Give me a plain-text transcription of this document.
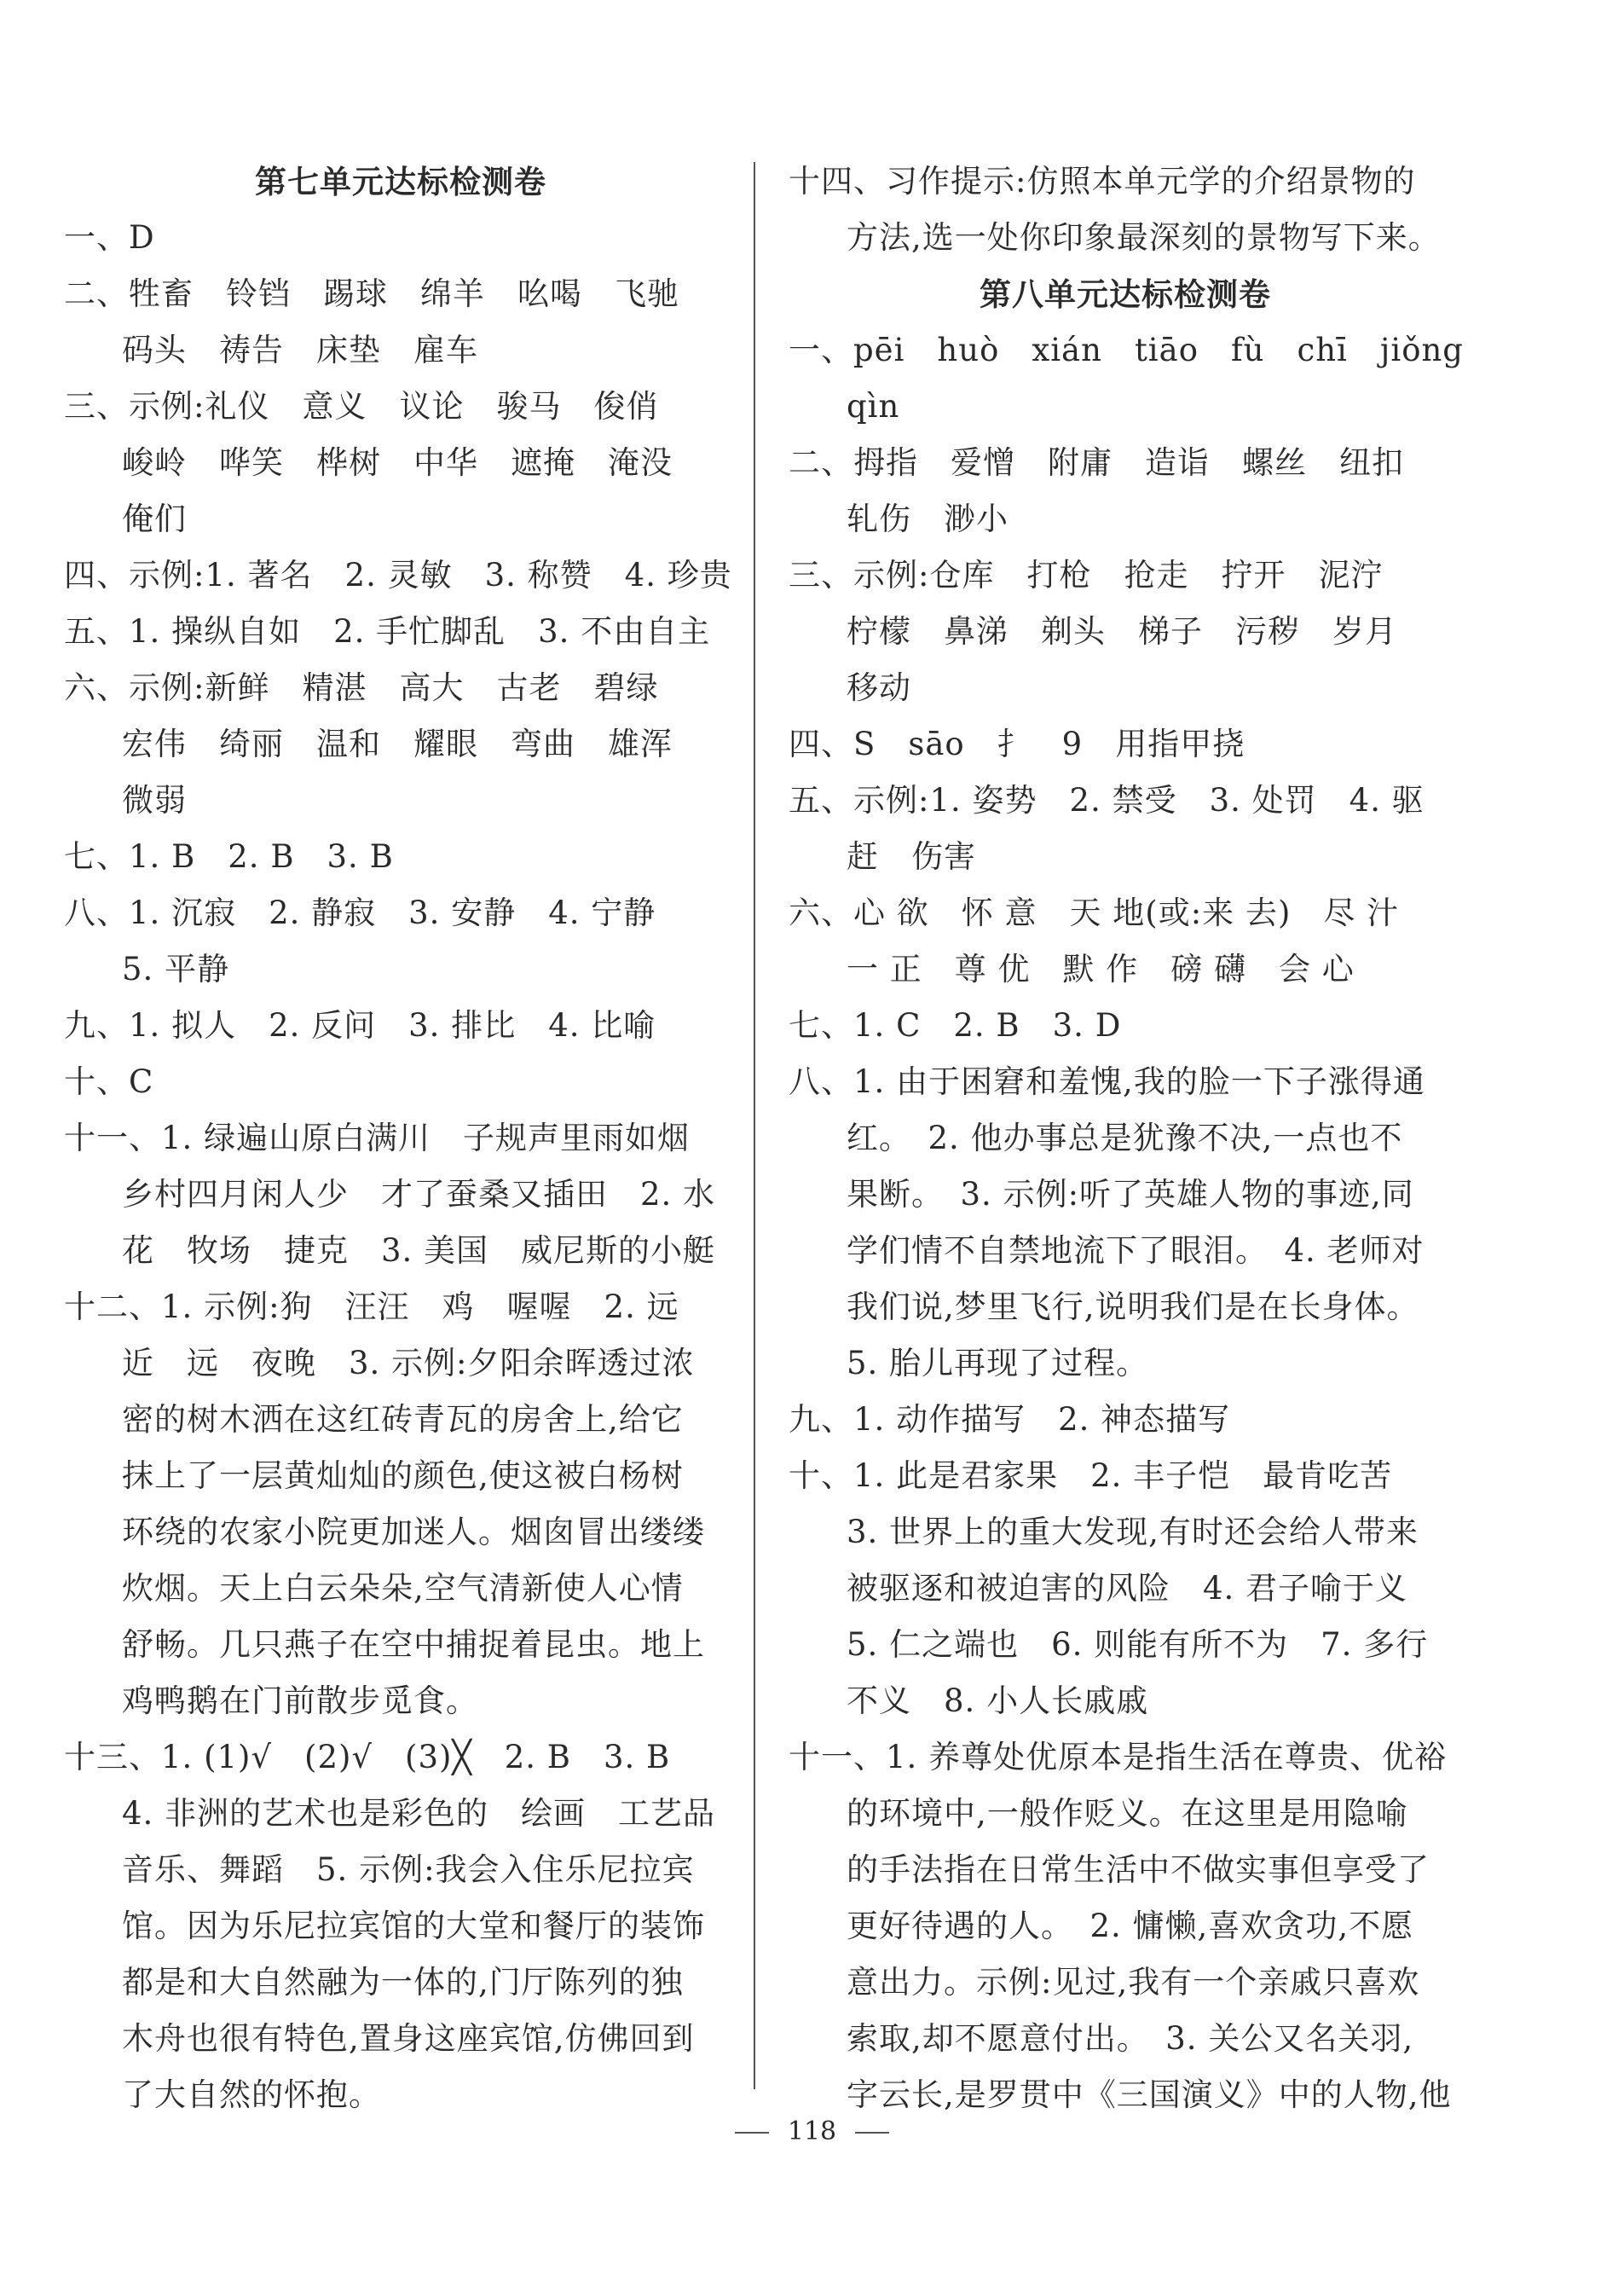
第七单元达标检测卷
一、D
二、牲畜　铃铛　踢球　绵羊　吆喝　飞驰
码头　祷告　床垫　雇车
三、示例:礼仪　意义　议论　骏马　俊俏
峻岭　哗笑　桦树　中华　遮掩　淹没
俺们
四、示例:1. 著名　2. 灵敏　3. 称赞　4. 珍贵
五、1. 操纵自如　2. 手忙脚乱　3. 不由自主
六、示例:新鲜　精湛　高大　古老　碧绿
宏伟　绮丽　温和　耀眼　弯曲　雄浑
微弱
七、1. B　2. B　3. B
八、1. 沉寂　2. 静寂　3. 安静　4. 宁静
5. 平静
九、1. 拟人　2. 反问　3. 排比　4. 比喻
十、C
十一、1. 绿遍山原白满川　子规声里雨如烟
乡村四月闲人少　才了蚕桑又插田　2. 水
花　牧场　捷克　3. 美国　威尼斯的小艇
十二、1. 示例:狗　汪汪　鸡　喔喔　2. 远
近　远　夜晚　3. 示例:夕阳余晖透过浓
密的树木洒在这红砖青瓦的房舍上,给它
抹上了一层黄灿灿的颜色,使这被白杨树
环绕的农家小院更加迷人。烟囱冒出缕缕
炊烟。天上白云朵朵,空气清新使人心情
舒畅。几只燕子在空中捕捉着昆虫。地上
鸡鸭鹅在门前散步觅食。
十三、1. (1)√　(2)√　(3)╳　2. B　3. B
4. 非洲的艺术也是彩色的　绘画　工艺品
音乐、舞蹈　5. 示例:我会入住乐尼拉宾
馆。因为乐尼拉宾馆的大堂和餐厅的装饰
都是和大自然融为一体的,门厅陈列的独
木舟也很有特色,置身这座宾馆,仿佛回到
了大自然的怀抱。
十四、习作提示:仿照本单元学的介绍景物的
方法,选一处你印象最深刻的景物写下来。
第八单元达标检测卷
一、pēi　huò　xián　tiāo　fù　chī　jiǒng
qìn
二、拇指　爱憎　附庸　造诣　螺丝　纽扣
轧伤　渺小
三、示例:仓库　打枪　抢走　拧开　泥泞
柠檬　鼻涕　剃头　梯子　污秽　岁月
移动
四、S　sāo　扌　9　用指甲挠
五、示例:1. 姿势　2. 禁受　3. 处罚　4. 驱
赶　伤害
六、心 欲　怀 意　天 地(或:来 去)　尽 汁
一 正　尊 优　默 作　磅 礴　会 心
七、1. C　2. B　3. D
八、1. 由于困窘和羞愧,我的脸一下子涨得通
红。　2. 他办事总是犹豫不决,一点也不
果断。　3. 示例:听了英雄人物的事迹,同
学们情不自禁地流下了眼泪。　4. 老师对
我们说,梦里飞行,说明我们是在长身体。
5. 胎儿再现了过程。
九、1. 动作描写　2. 神态描写
十、1. 此是君家果　2. 丰子恺　最肯吃苦
3. 世界上的重大发现,有时还会给人带来
被驱逐和被迫害的风险　4. 君子喻于义
5. 仁之端也　6. 则能有所不为　7. 多行
不义　8. 小人长戚戚
十一、1. 养尊处优原本是指生活在尊贵、优裕
的环境中,一般作贬义。在这里是用隐喻
的手法指在日常生活中不做实事但享受了
更好待遇的人。　2. 慵懒,喜欢贪功,不愿
意出力。示例:见过,我有一个亲戚只喜欢
索取,却不愿意付出。　3. 关公又名关羽,
字云长,是罗贯中《三国演义》中的人物,他
118
